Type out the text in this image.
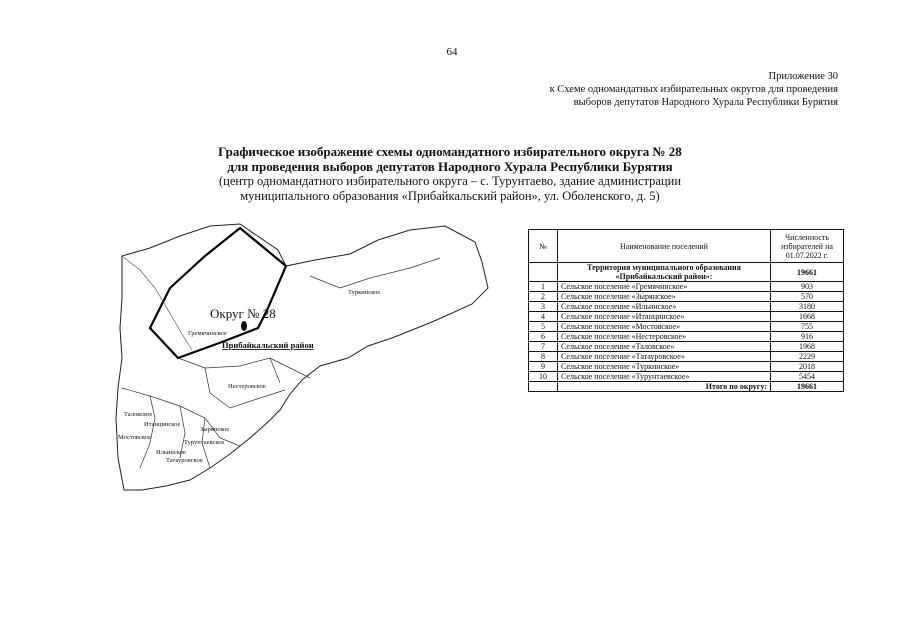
64
Приложение 30
к Схеме одномандатных избирательных округов для проведения
выборов депутатов Народного Хурала Республики Бурятия
Графическое изображение схемы одномандатного избирательного округа № 28
для проведения выборов депутатов Народного Хурала Республики Бурятия
(центр одномандатного избирательного округа – с. Турунтаево, здание администрации
муниципального образования «Прибайкальский район», ул. Оболенского, д. 5)
Округ № 28
Прибайкальский район
Гремячинское
Туркинское
Нестеровское
Таловское
Итанцинское
Мостовское
Зырянское
Турунтаевское
Ильинское
Татауровское
№	Наименование поселений	Численность избирателей на 01.07.2022 г.
	Территория муниципального образования «Прибайкальский район»:	19661
1	Сельское поселение «Гремячинское»	903
2	Сельское поселение «Зырянское»	570
3	Сельское поселение «Ильинское»	3180
4	Сельское поселение «Итанцинское»	1668
5	Сельское поселение «Мостовское»	755
6	Сельское поселение «Нестеровское»	916
7	Сельское поселение «Таловское»	1968
8	Сельское поселение «Татауровское»	2229
9	Сельское поселение «Туркинское»	2018
10	Сельское поселение «Турунтаевское»	5454
	Итого по округу:	19661
